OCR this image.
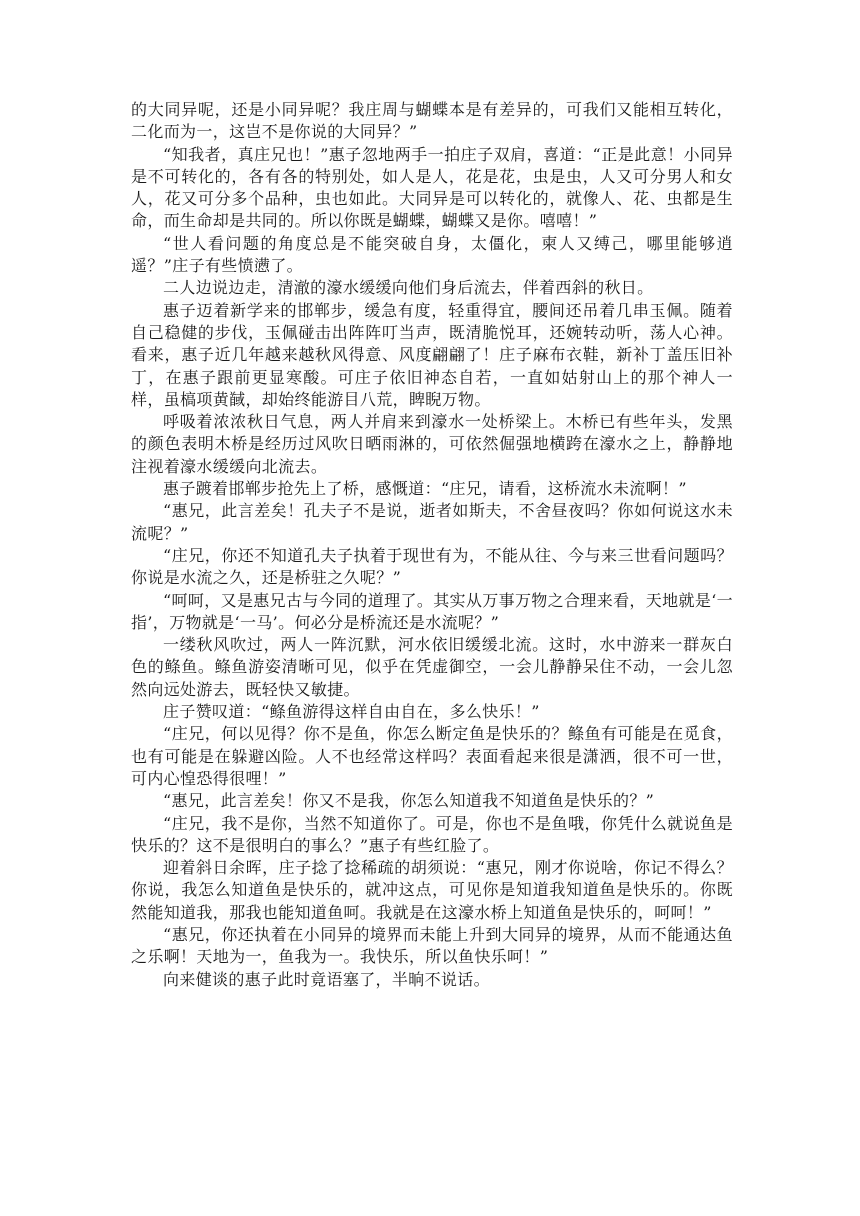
的大同异呢，还是小同异呢？我庄周与蝴蝶本是有差异的，可我们又能相互转化，二化而为一，这岂不是你说的大同异？”

“知我者，真庄兄也！”惠子忽地两手一拍庄子双肩，喜道：“正是此意！小同异是不可转化的，各有各的特别处，如人是人，花是花，虫是虫，人又可分男人和女人，花又可分多个品种，虫也如此。大同异是可以转化的，就像人、花、虫都是生命，而生命却是共同的。所以你既是蝴蝶，蝴蝶又是你。嘻嘻！”

“世人看问题的角度总是不能突破自身，太僵化，柬人又缚己，哪里能够逍遥？”庄子有些愤懑了。

二人边说边走，清澈的濠水缓缓向他们身后流去，伴着西斜的秋日。

惠子迈着新学来的邯郸步，缓急有度，轻重得宜，腰间还吊着几串玉佩。随着自己稳健的步伐，玉佩碰击出阵阵叮当声，既清脆悦耳，还婉转动听，荡人心神。看来，惠子近几年越来越秋风得意、风度翩翩了！庄子麻布衣鞋，新补丁盖压旧补丁，在惠子跟前更显寒酸。可庄子依旧神态自若，一直如姑射山上的那个神人一样，虽槁项黄馘，却始终能游目八荒，睥睨万物。

呼吸着浓浓秋日气息，两人并肩来到濠水一处桥梁上。木桥已有些年头，发黑的颜色表明木桥是经历过风吹日晒雨淋的，可依然倔强地横跨在濠水之上，静静地注视着濠水缓缓向北流去。

惠子踱着邯郸步抢先上了桥，感慨道：“庄兄，请看，这桥流水未流啊！”

“惠兄，此言差矣！孔夫子不是说，逝者如斯夫，不舍昼夜吗？你如何说这水未流呢？”

“庄兄，你还不知道孔夫子执着于现世有为，不能从往、今与来三世看问题吗？你说是水流之久，还是桥驻之久呢？”

“呵呵，又是惠兄古与今同的道理了。其实从万事万物之合理来看，天地就是‘一指’，万物就是‘一马’。何必分是桥流还是水流呢？”

一缕秋风吹过，两人一阵沉默，河水依旧缓缓北流。这时，水中游来一群灰白色的鲦鱼。鲦鱼游姿清晰可见，似乎在凭虚御空，一会儿静静呆住不动，一会儿忽然向远处游去，既轻快又敏捷。

庄子赞叹道：“鲦鱼游得这样自由自在，多么快乐！”

“庄兄，何以见得？你不是鱼，你怎么断定鱼是快乐的？鲦鱼有可能是在觅食，也有可能是在躲避凶险。人不也经常这样吗？表面看起来很是潇洒，很不可一世，可内心惶恐得很哩！”

“惠兄，此言差矣！你又不是我，你怎么知道我不知道鱼是快乐的？”

“庄兄，我不是你，当然不知道你了。可是，你也不是鱼哦，你凭什么就说鱼是快乐的？这不是很明白的事么？”惠子有些红脸了。

迎着斜日余晖，庄子捻了捻稀疏的胡须说：“惠兄，刚才你说啥，你记不得么？你说，我怎么知道鱼是快乐的，就冲这点，可见你是知道我知道鱼是快乐的。你既然能知道我，那我也能知道鱼呵。我就是在这濠水桥上知道鱼是快乐的，呵呵！”

“惠兄，你还执着在小同异的境界而未能上升到大同异的境界，从而不能通达鱼之乐啊！天地为一，鱼我为一。我快乐，所以鱼快乐呵！”

向来健谈的惠子此时竟语塞了，半晌不说话。
